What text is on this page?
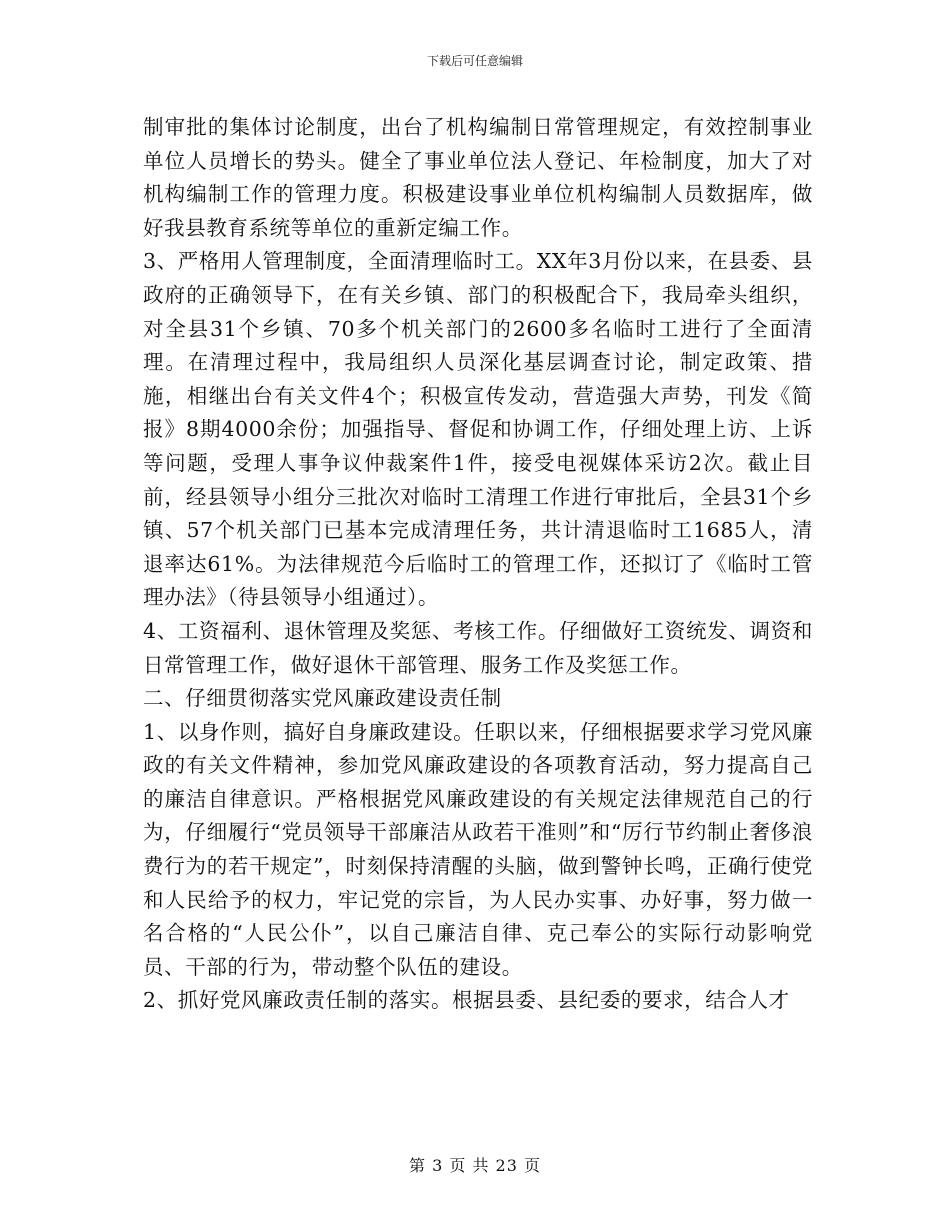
下载后可任意编辑

制审批的集体讨论制度，出台了机构编制日常管理规定，有效控制事业单位人员增长的势头。健全了事业单位法人登记、年检制度，加大了对机构编制工作的管理力度。积极建设事业单位机构编制人员数据库，做好我县教育系统等单位的重新定编工作。

3、严格用人管理制度，全面清理临时工。XX年3月份以来，在县委、县政府的正确领导下，在有关乡镇、部门的积极配合下，我局牵头组织，对全县31个乡镇、70多个机关部门的2600多名临时工进行了全面清理。在清理过程中，我局组织人员深化基层调查讨论，制定政策、措施，相继出台有关文件4个；积极宣传发动，营造强大声势，刊发《简报》8期4000余份；加强指导、督促和协调工作，仔细处理上访、上诉等问题，受理人事争议仲裁案件1件，接受电视媒体采访2次。截止目前，经县领导小组分三批次对临时工清理工作进行审批后，全县31个乡镇、57个机关部门已基本完成清理任务，共计清退临时工1685人，清退率达61%。为法律规范今后临时工的管理工作，还拟订了《临时工管理办法》（待县领导小组通过）。

4、工资福利、退休管理及奖惩、考核工作。仔细做好工资统发、调资和日常管理工作，做好退休干部管理、服务工作及奖惩工作。

二、仔细贯彻落实党风廉政建设责任制

1、以身作则，搞好自身廉政建设。任职以来，仔细根据要求学习党风廉政的有关文件精神，参加党风廉政建设的各项教育活动，努力提高自己的廉洁自律意识。严格根据党风廉政建设的有关规定法律规范自己的行为，仔细履行“党员领导干部廉洁从政若干准则”和“厉行节约制止奢侈浪费行为的若干规定”，时刻保持清醒的头脑，做到警钟长鸣，正确行使党和人民给予的权力，牢记党的宗旨，为人民办实事、办好事，努力做一名合格的“人民公仆”，以自己廉洁自律、克己奉公的实际行动影响党员、干部的行为，带动整个队伍的建设。

2、抓好党风廉政责任制的落实。根据县委、县纪委的要求，结合人才

第 3 页 共 23 页
